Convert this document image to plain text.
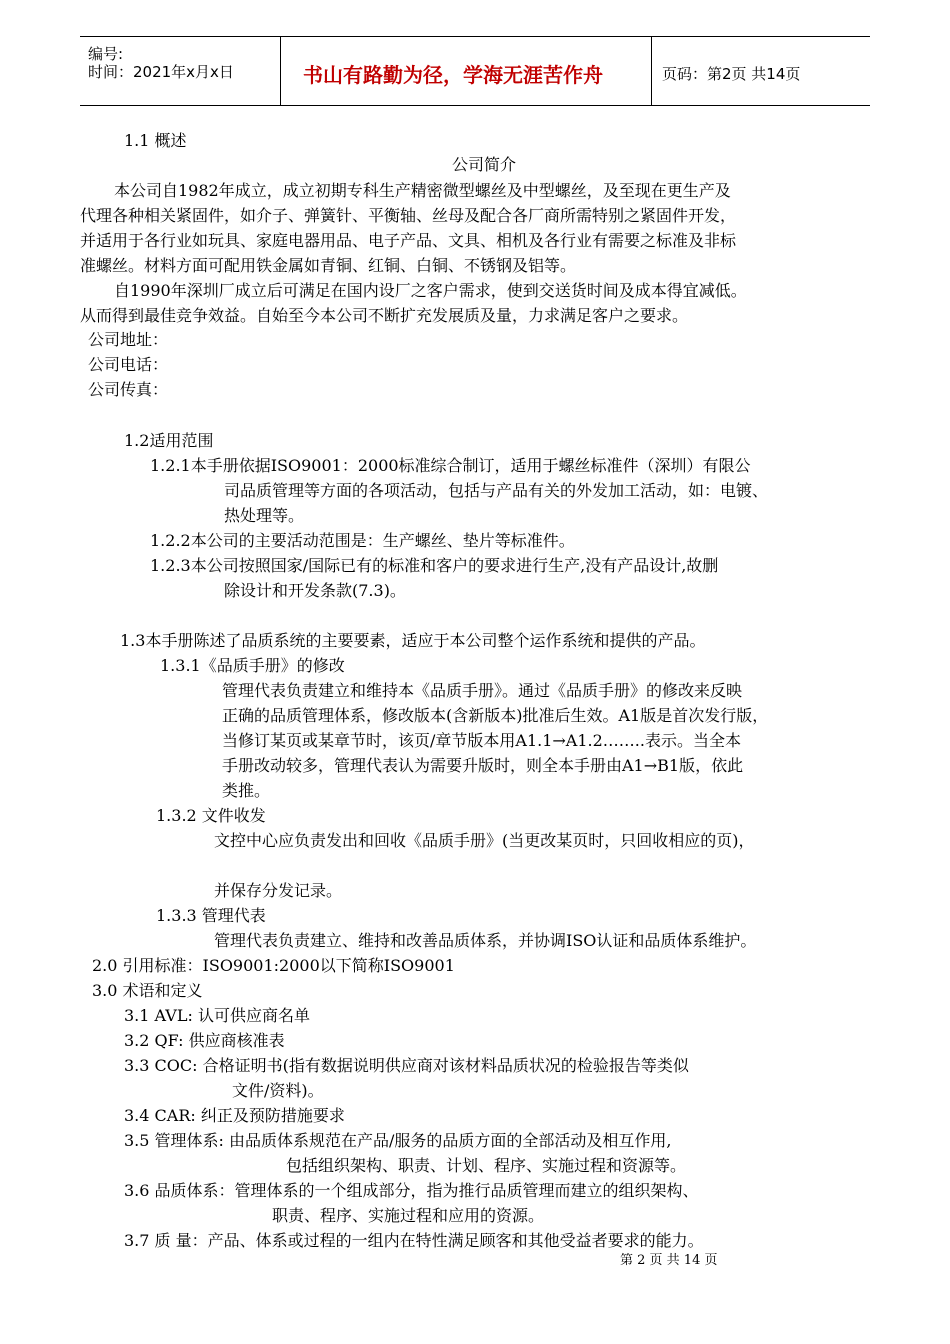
编号:
时间：2021年x月x日	书山有路勤为径，学海无涯苦作舟	页码：第2页 共14页
1.1 概述
公司简介
本公司自1982年成立，成立初期专科生产精密微型螺丝及中型螺丝，及至现在更生产及
代理各种相关紧固件，如介子、弹簧针、平衡轴、丝母及配合各厂商所需特别之紧固件开发，
并适用于各行业如玩具、家庭电器用品、电子产品、文具、相机及各行业有需要之标准及非标
准螺丝。材料方面可配用铁金属如青铜、红铜、白铜、不锈钢及铝等。
自1990年深圳厂成立后可满足在国内设厂之客户需求，使到交送货时间及成本得宜减低。
从而得到最佳竞争效益。自始至今本公司不断扩充发展质及量，力求满足客户之要求。
公司地址：
公司电话：
公司传真：
1.2适用范围
1.2.1本手册依据ISO9001：2000标准综合制订，适用于螺丝标准件（深圳）有限公
司品质管理等方面的各项活动，包括与产品有关的外发加工活动，如：电镀、
热处理等。
1.2.2本公司的主要活动范围是：生产螺丝、垫片等标准件。
1.2.3本公司按照国家/国际已有的标准和客户的要求进行生产,没有产品设计,故删
除设计和开发条款(7.3)。
1.3本手册陈述了品质系统的主要要素，适应于本公司整个运作系统和提供的产品。
1.3.1《品质手册》的修改
管理代表负责建立和维持本《品质手册》。通过《品质手册》的修改来反映
正确的品质管理体系，修改版本(含新版本)批准后生效。A1版是首次发行版，
当修订某页或某章节时，该页/章节版本用A1.1→A1.2……..表示。当全本
手册改动较多，管理代表认为需要升版时，则全本手册由A1→B1版，依此
类推。
1.3.2 文件收发
文控中心应负责发出和回收《品质手册》(当更改某页时，只回收相应的页)，
并保存分发记录。
1.3.3 管理代表
管理代表负责建立、维持和改善品质体系，并协调ISO认证和品质体系维护。
2.0 引用标准：ISO9001:2000以下简称ISO9001
3.0 术语和定义
3.1 AVL: 认可供应商名单
3.2 QF: 供应商核准表
3.3 COC: 合格证明书(指有数据说明供应商对该材料品质状况的检验报告等类似
文件/资料)。
3.4 CAR: 纠正及预防措施要求
3.5 管理体系: 由品质体系规范在产品/服务的品质方面的全部活动及相互作用,
包括组织架构、职责、计划、程序、实施过程和资源等。
3.6 品质体系：管理体系的一个组成部分，指为推行品质管理而建立的组织架构、
职责、程序、实施过程和应用的资源。
3.7 质 量：产品、体系或过程的一组内在特性满足顾客和其他受益者要求的能力。
第 2 页 共 14 页
